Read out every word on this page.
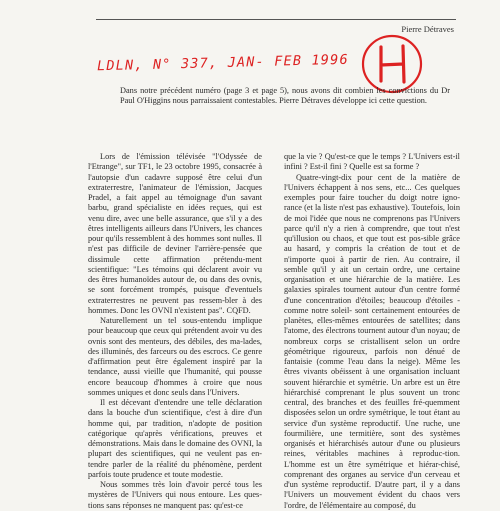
Pierre Détraves
LDLN, N° 337, JAN- FEB 1996
Dans notre précédent numéro (page 3 et page 5), nous avons dit combien les convictions du Dr Paul O'Higgins nous parraissaient contestables. Pierre Détraves développe ici cette question.

Lors de l'émission télévisée "l'Odyssée de l'Etrange", sur TF1, le 23 octobre 1995, consacrée à l'autopsie d'un cadavre supposé être celui d'un extraterrestre, l'animateur de l'émission, Jacques Pradel, a fait appel au témoignage d'un savant barbu, grand spécialiste en idées reçues, qui est venu dire, avec une belle assurance, que s'il y a des êtres intelligents ailleurs dans l'Univers, les chances pour qu'ils ressemblent à des hommes sont nulles. Il n'est pas difficile de deviner l'arrière-pensée que dissimule cette affirmation prétendu-ment scientifique: "Les témoins qui déclarent avoir vu des êtres humanoïdes autour de, ou dans des ovnis, se sont forcément trompés, puisque d'eventuels extraterrestres ne peuvent pas ressem-bler à des hommes. Donc les OVNI n'existent pas". CQFD.

Naturellement un tel sous-entendu implique pour beaucoup que ceux qui prétendent avoir vu des ovnis sont des menteurs, des débiles, des ma-lades, des illuminés, des farceurs ou des escrocs. Ce genre d'affirmation peut être également inspiré par la tendance, aussi vieille que l'humanité, qui pousse encore beaucoup d'hommes à croire que nous sommes uniques et donc seuls dans l'Univers.

Il est décevant d'entendre une telle déclaration dans la bouche d'un scientifique, c'est à dire d'un homme qui, par tradition, n'adopte de position catégorique qu'après vérifications, preuves et démonstrations. Mais dans le domaine des OVNI, la plupart des scientifiques, qui ne veulent pas en-tendre parler de la réalité du phénomène, perdent parfois toute prudence et toute modestie.

Nous sommes très loin d'avoir percé tous les mystères de l'Univers qui nous entoure. Les ques-tions sans réponses ne manquent pas: qu'est-ce

que la vie ? Qu'est-ce que le temps ? L'Univers est-il infini ? Est-il fini ? Quelle est sa forme ?

Quatre-vingt-dix pour cent de la matière de l'Univers échappent à nos sens, etc... Ces quelques exemples pour faire toucher du doigt notre igno-rance (et la liste n'est pas exhaustive). Toutefois, loin de moi l'idée que nous ne comprenons pas l'Univers parce qu'il n'y a rien à comprendre, que tout n'est qu'illusion ou chaos, et que tout est pos-sible grâce au hasard, y compris la création de tout et de n'importe quoi à partir de rien. Au contraire, il semble qu'il y ait un certain ordre, une certaine organisation et une hiérarchie de la matière. Les galaxies spirales tournent autour d'un centre formé d'une concentration d'étoiles; beaucoup d'étoiles - comme notre soleil- sont certainement entourées de planètes, elles-mêmes entourées de satellites; dans l'atome, des électrons tournent autour d'un noyau; de nombreux corps se cristallisent selon un ordre géométrique rigoureux, parfois non dénué de fantaisie (comme l'eau dans la neige). Même les êtres vivants obéissent à une organisation incluant souvent hiérarchie et symétrie. Un arbre est un être hiérarchisé comprenant le plus souvent un tronc central, des branches et des feuilles fré-quemment disposées selon un ordre symétrique, le tout étant au service d'un système reproductif. Une ruche, une fourmilière, une termitière, sont des systèmes organisés et hiérarchisés autour d'une ou plusieurs reines, véritables machines à reproduc-tion. L'homme est un être symétrique et hiérar-chisé, comprenant des organes au service d'un cerveau et d'un système reproductif. D'autre part, il y a dans l'Univers un mouvement évident du chaos vers l'ordre, de l'élémentaire au composé, du
